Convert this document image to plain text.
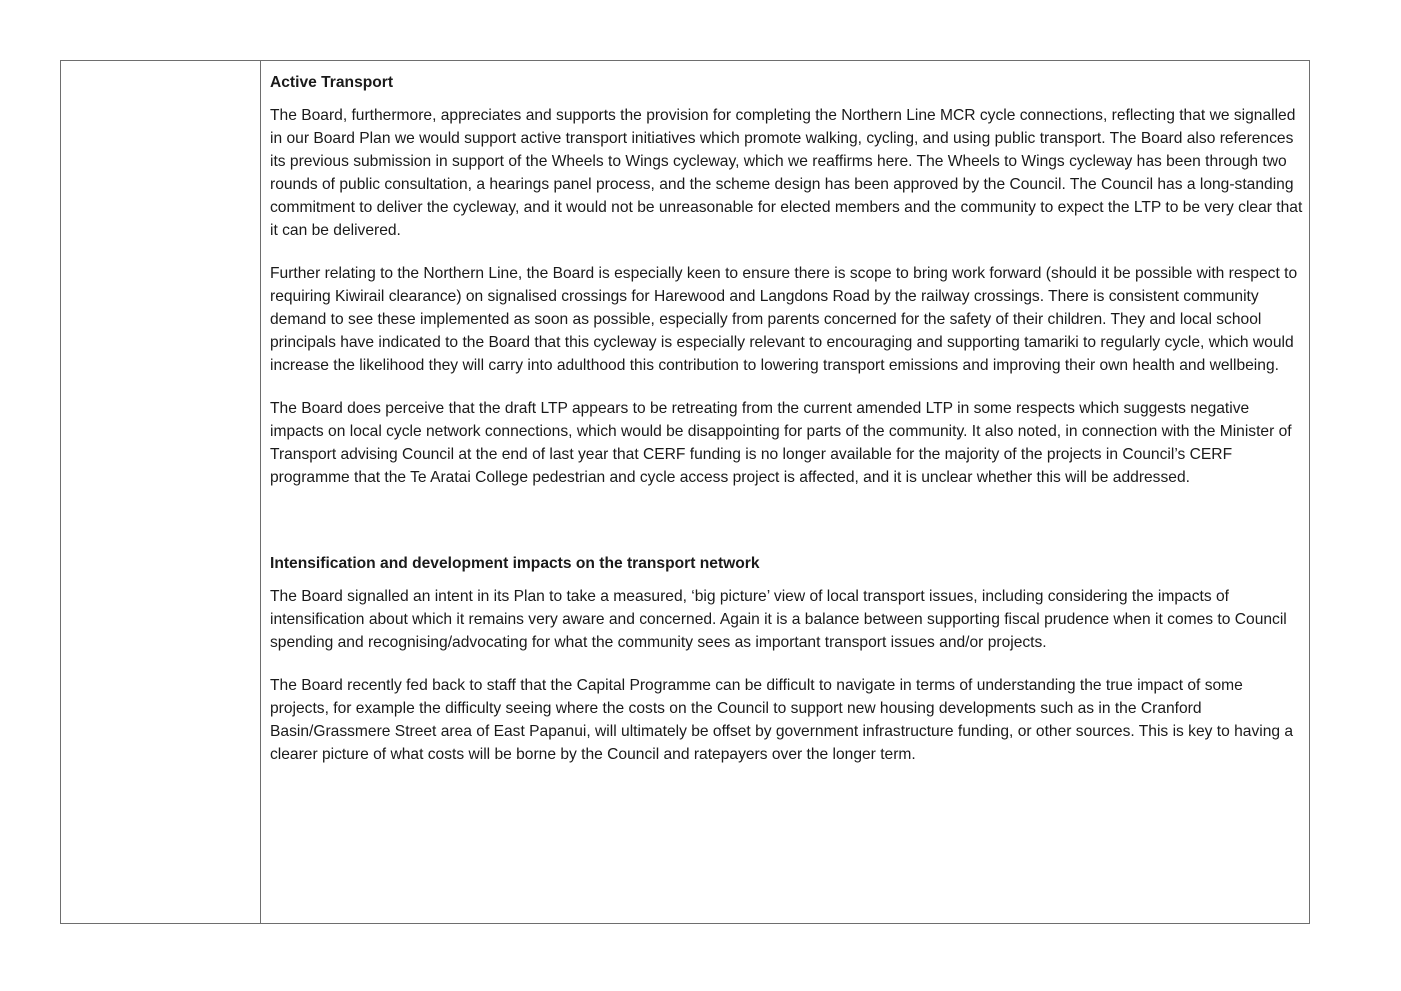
Active Transport

The Board, furthermore, appreciates and supports the provision for completing the Northern Line MCR cycle connections, reflecting that we signalled in our Board Plan we would support active transport initiatives which promote walking, cycling, and using public transport. The Board also references its previous submission in support of the Wheels to Wings cycleway, which we reaffirms here. The Wheels to Wings cycleway has been through two rounds of public consultation, a hearings panel process, and the scheme design has been approved by the Council. The Council has a long-standing commitment to deliver the cycleway, and it would not be unreasonable for elected members and the community to expect the LTP to be very clear that it can be delivered.

Further relating to the Northern Line, the Board is especially keen to ensure there is scope to bring work forward (should it be possible with respect to requiring Kiwirail clearance) on signalised crossings for Harewood and Langdons Road by the railway crossings. There is consistent community demand to see these implemented as soon as possible, especially from parents concerned for the safety of their children. They and local school principals have indicated to the Board that this cycleway is especially relevant to encouraging and supporting tamariki to regularly cycle, which would increase the likelihood they will carry into adulthood this contribution to lowering transport emissions and improving their own health and wellbeing.

The Board does perceive that the draft LTP appears to be retreating from the current amended LTP in some respects which suggests negative impacts on local cycle network connections, which would be disappointing for parts of the community. It also noted, in connection with the Minister of Transport advising Council at the end of last year that CERF funding is no longer available for the majority of the projects in Council’s CERF programme that the Te Aratai College pedestrian and cycle access project is affected, and it is unclear whether this will be addressed.

Intensification and development impacts on the transport network

The Board signalled an intent in its Plan to take a measured, ‘big picture’ view of local transport issues, including considering the impacts of intensification about which it remains very aware and concerned. Again it is a balance between supporting fiscal prudence when it comes to Council spending and recognising/advocating for what the community sees as important transport issues and/or projects.

The Board recently fed back to staff that the Capital Programme can be difficult to navigate in terms of understanding the true impact of some projects, for example the difficulty seeing where the costs on the Council to support new housing developments such as in the Cranford Basin/Grassmere Street area of East Papanui, will ultimately be offset by government infrastructure funding, or other sources. This is key to having a clearer picture of what costs will be borne by the Council and ratepayers over the longer term.
